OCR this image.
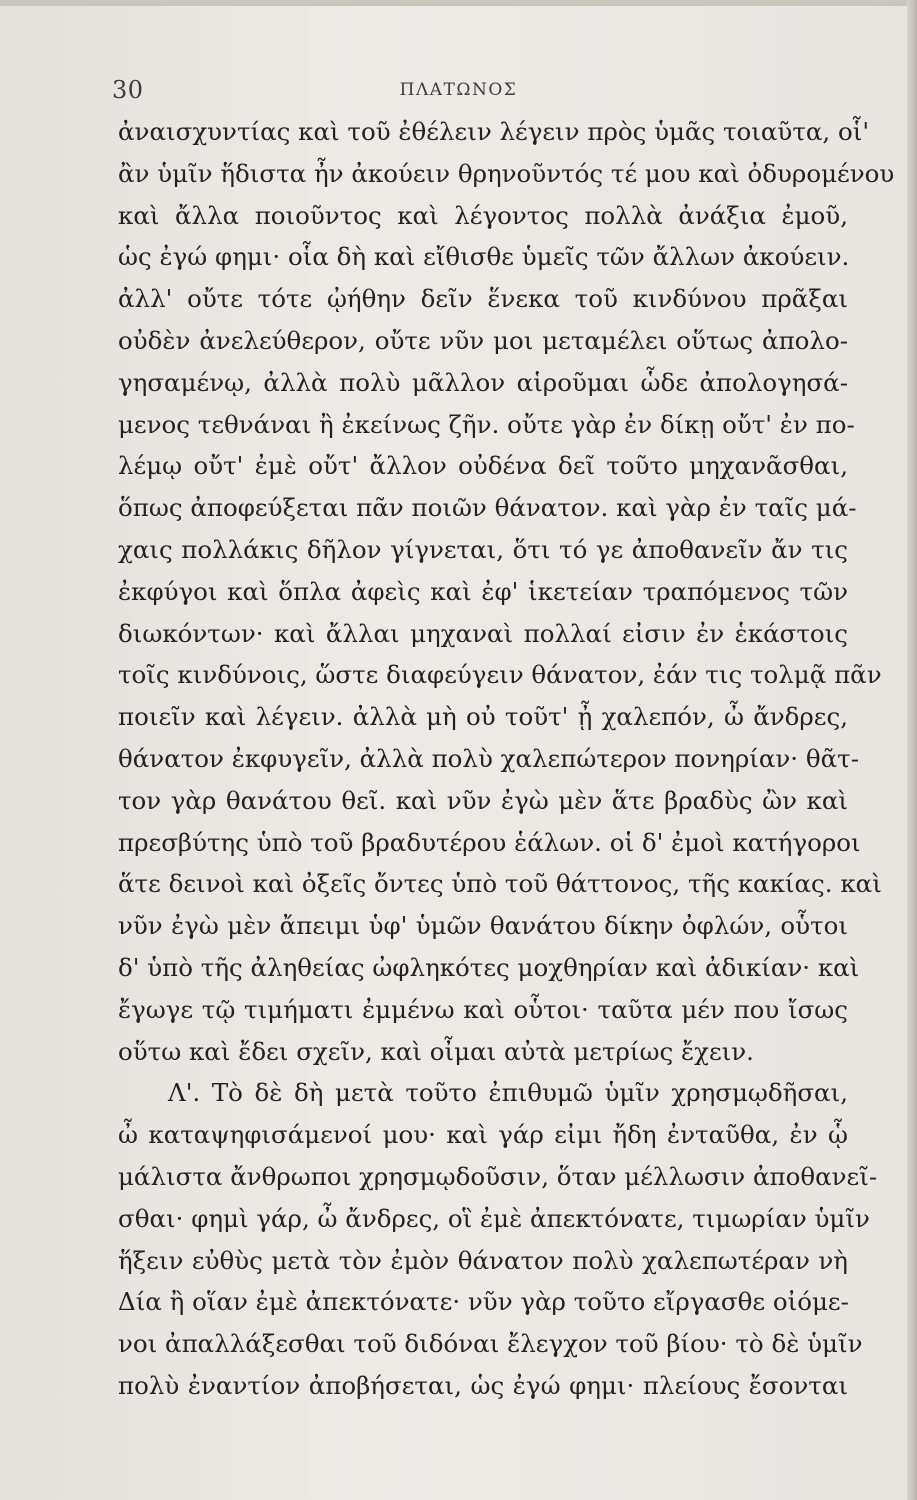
30	ΠΛΑΤΩΝΟΣ
ἀναισχυντίας καὶ τοῦ ἐθέλειν λέγειν πρὸς ὑμᾶς τοιαῦτα, οἷ'
ἂν ὑμῖν ἥδιστα ἦν ἀκούειν θρηνοῦντός τέ μου καὶ ὀδυρομένου
καὶ ἄλλα ποιοῦντος καὶ λέγοντος πολλὰ ἀνάξια ἐμοῦ,
ὡς ἐγώ φημι· οἷα δὴ καὶ εἴθισθε ὑμεῖς τῶν ἄλλων ἀκούειν.
ἀλλ' οὔτε τότε ᾠήθην δεῖν ἕνεκα τοῦ κινδύνου πρᾶξαι
οὐδὲν ἀνελεύθερον, οὔτε νῦν μοι μεταμέλει οὕτως ἀπολο-
γησαμένῳ, ἀλλὰ πολὺ μᾶλλον αἱροῦμαι ὧδε ἀπολογησά-
μενος τεθνάναι ἢ ἐκείνως ζῆν. οὔτε γὰρ ἐν δίκῃ οὔτ' ἐν πο-
λέμῳ οὔτ' ἐμὲ οὔτ' ἄλλον οὐδένα δεῖ τοῦτο μηχανᾶσθαι,
ὅπως ἀποφεύξεται πᾶν ποιῶν θάνατον. καὶ γὰρ ἐν ταῖς μά-
χαις πολλάκις δῆλον γίγνεται, ὅτι τό γε ἀποθανεῖν ἄν τις
ἐκφύγοι καὶ ὅπλα ἀφεὶς καὶ ἐφ' ἱκετείαν τραπόμενος τῶν
διωκόντων· καὶ ἄλλαι μηχαναὶ πολλαί εἰσιν ἐν ἑκάστοις
τοῖς κινδύνοις, ὥστε διαφεύγειν θάνατον, ἐάν τις τολμᾷ πᾶν
ποιεῖν καὶ λέγειν. ἀλλὰ μὴ οὐ τοῦτ' ᾖ χαλεπόν, ὦ ἄνδρες,
θάνατον ἐκφυγεῖν, ἀλλὰ πολὺ χαλεπώτερον πονηρίαν· θᾶτ-
τον γὰρ θανάτου θεῖ. καὶ νῦν ἐγὼ μὲν ἅτε βραδὺς ὢν καὶ
πρεσβύτης ὑπὸ τοῦ βραδυτέρου ἑάλων. οἱ δ' ἐμοὶ κατήγοροι
ἅτε δεινοὶ καὶ ὀξεῖς ὄντες ὑπὸ τοῦ θάττονος, τῆς κακίας. καὶ
νῦν ἐγὼ μὲν ἄπειμι ὑφ' ὑμῶν θανάτου δίκην ὀφλών, οὗτοι
δ' ὑπὸ τῆς ἀληθείας ὠφληκότες μοχθηρίαν καὶ ἀδικίαν· καὶ
ἔγωγε τῷ τιμήματι ἐμμένω καὶ οὗτοι· ταῦτα μέν που ἴσως
οὕτω καὶ ἔδει σχεῖν, καὶ οἶμαι αὐτὰ μετρίως ἔχειν.
Λ'. Τὸ δὲ δὴ μετὰ τοῦτο ἐπιθυμῶ ὑμῖν χρησμῳδῆσαι,
ὦ καταψηφισάμενοί μου· καὶ γάρ εἰμι ἤδη ἐνταῦθα, ἐν ᾧ
μάλιστα ἄνθρωποι χρησμῳδοῦσιν, ὅταν μέλλωσιν ἀποθανεῖ-
σθαι· φημὶ γάρ, ὦ ἄνδρες, οἳ ἐμὲ ἀπεκτόνατε, τιμωρίαν ὑμῖν
ἥξειν εὐθὺς μετὰ τὸν ἐμὸν θάνατον πολὺ χαλεπωτέραν νὴ
Δία ἢ οἵαν ἐμὲ ἀπεκτόνατε· νῦν γὰρ τοῦτο εἴργασθε οἰόμε-
νοι ἀπαλλάξεσθαι τοῦ διδόναι ἔλεγχον τοῦ βίου· τὸ δὲ ὑμῖν
πολὺ ἐναντίον ἀποβήσεται, ὡς ἐγώ φημι· πλείους ἔσονται
